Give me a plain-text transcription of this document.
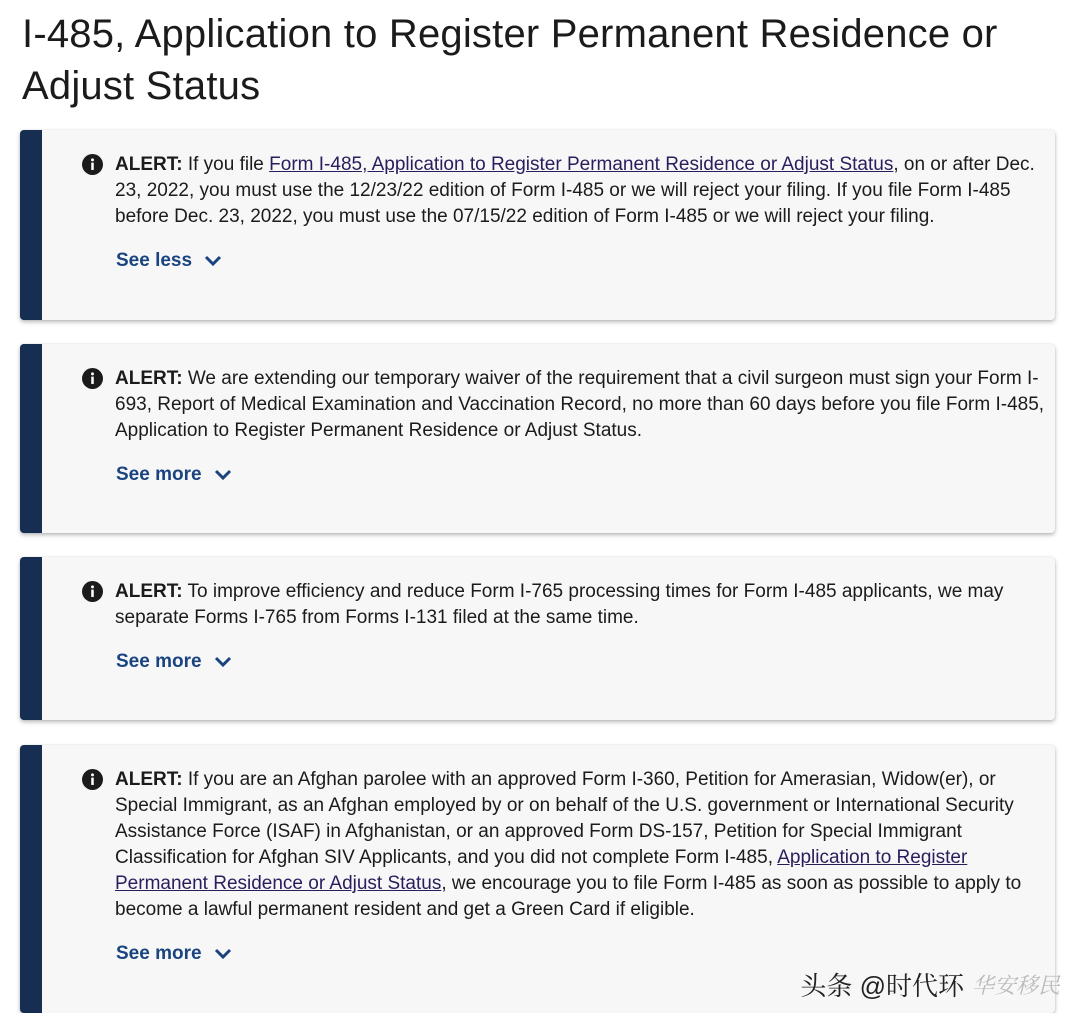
I-485, Application to Register Permanent Residence or Adjust Status
ALERT: If you file Form I-485, Application to Register Permanent Residence or Adjust Status, on or after Dec. 23, 2022, you must use the 12/23/22 edition of Form I-485 or we will reject your filing. If you file Form I-485 before Dec. 23, 2022, you must use the 07/15/22 edition of Form I-485 or we will reject your filing.
See less
ALERT: We are extending our temporary waiver of the requirement that a civil surgeon must sign your Form I-693, Report of Medical Examination and Vaccination Record, no more than 60 days before you file Form I-485, Application to Register Permanent Residence or Adjust Status.
See more
ALERT: To improve efficiency and reduce Form I-765 processing times for Form I-485 applicants, we may separate Forms I-765 from Forms I-131 filed at the same time.
See more
ALERT: If you are an Afghan parolee with an approved Form I-360, Petition for Amerasian, Widow(er), or Special Immigrant, as an Afghan employed by or on behalf of the U.S. government or International Security Assistance Force (ISAF) in Afghanistan, or an approved Form DS-157, Petition for Special Immigrant Classification for Afghan SIV Applicants, and you did not complete Form I-485, Application to Register Permanent Residence or Adjust Status, we encourage you to file Form I-485 as soon as possible to apply to become a lawful permanent resident and get a Green Card if eligible.
See more
头条 @时代环 华安移民
